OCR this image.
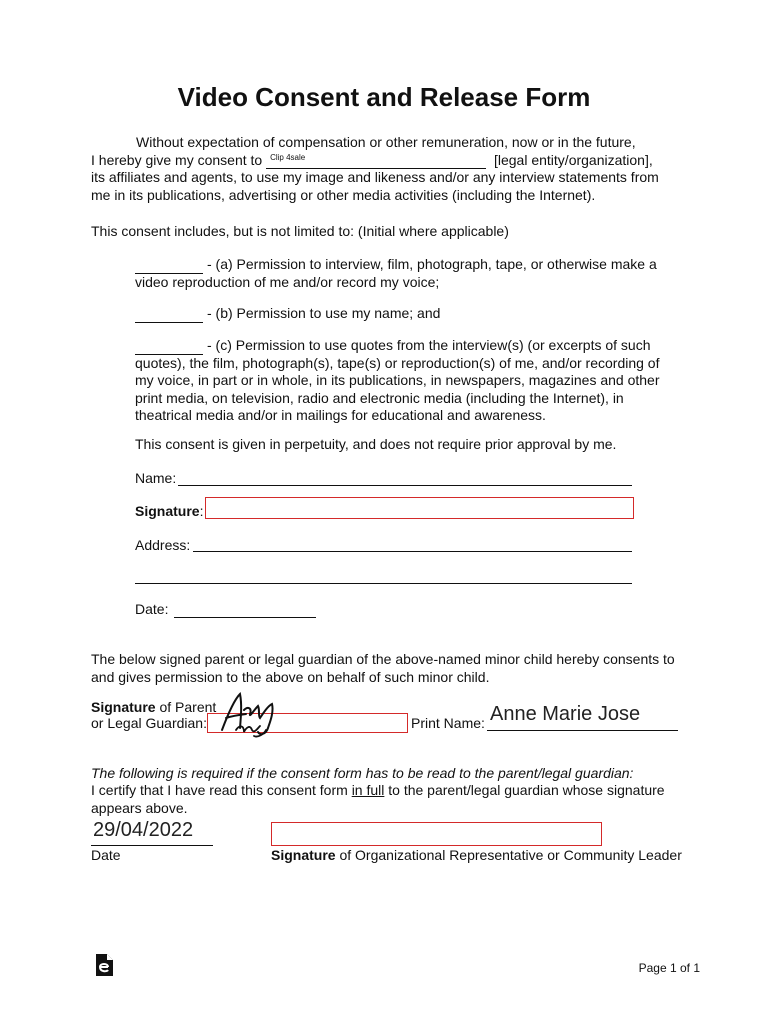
Video Consent and Release Form
Without expectation of compensation or other remuneration, now or in the future,
I hereby give my consent to Clip 4sale	[legal entity/organization],
its affiliates and agents, to use my image and likeness and/or any interview statements from me in its publications, advertising or other media activities (including the Internet).
This consent includes, but is not limited to: (Initial where applicable)
- (a) Permission to interview, film, photograph, tape, or otherwise make a video reproduction of me and/or record my voice;
- (b) Permission to use my name; and
- (c) Permission to use quotes from the interview(s) (or excerpts of such quotes), the film, photograph(s), tape(s) or reproduction(s) of me, and/or recording of my voice, in part or in whole, in its publications, in newspapers, magazines and other print media, on television, radio and electronic media (including the Internet), in theatrical media and/or in mailings for educational and awareness.
This consent is given in perpetuity, and does not require prior approval by me.
Name:
Signature:
Address:
Date:
The below signed parent or legal guardian of the above-named minor child hereby consents to and gives permission to the above on behalf of such minor child.
Signature of Parent
or Legal Guardian:	Print Name: Anne Marie Jose
The following is required if the consent form has to be read to the parent/legal guardian:
I certify that I have read this consent form in full to the parent/legal guardian whose signature appears above.
29/04/2022
Date	Signature of Organizational Representative or Community Leader
Page 1 of 1
